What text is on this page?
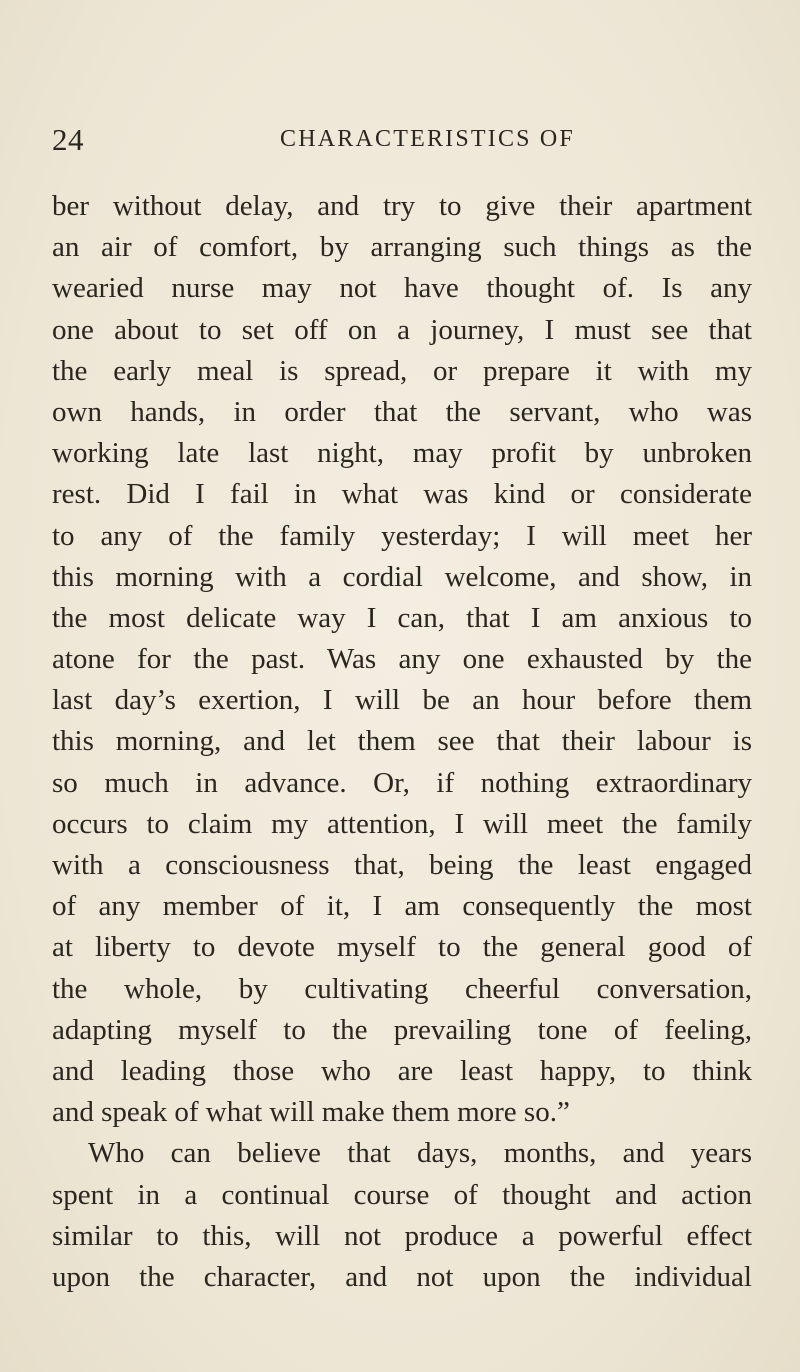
24	CHARACTERISTICS OF
ber without delay, and try to give their apartment
an air of comfort, by arranging such things as the
wearied nurse may not have thought of. Is any
one about to set off on a journey, I must see that
the early meal is spread, or prepare it with my
own hands, in order that the servant, who was
working late last night, may profit by unbroken
rest. Did I fail in what was kind or considerate
to any of the family yesterday; I will meet her
this morning with a cordial welcome, and show, in
the most delicate way I can, that I am anxious to
atone for the past. Was any one exhausted by the
last day’s exertion, I will be an hour before them
this morning, and let them see that their labour is
so much in advance. Or, if nothing extraordinary
occurs to claim my attention, I will meet the family
with a consciousness that, being the least engaged
of any member of it, I am consequently the most
at liberty to devote myself to the general good of
the whole, by cultivating cheerful conversation,
adapting myself to the prevailing tone of feeling,
and leading those who are least happy, to think
and speak of what will make them more so.”
Who can believe that days, months, and years
spent in a continual course of thought and action
similar to this, will not produce a powerful effect
upon the character, and not upon the individual
